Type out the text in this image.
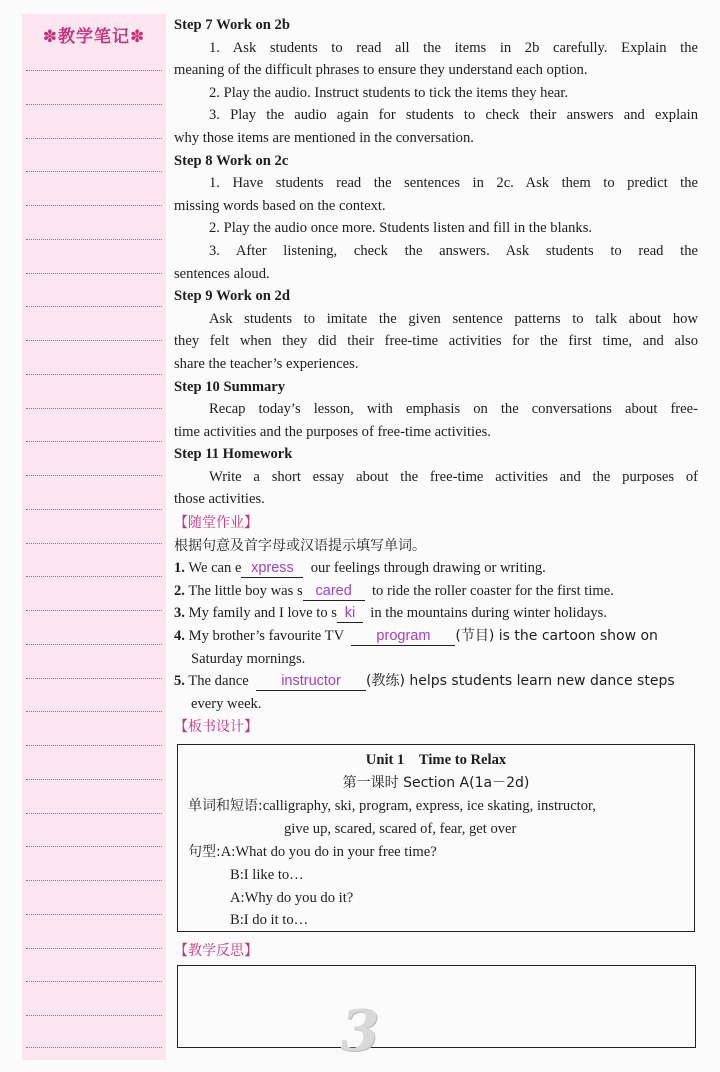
✽教学笔记✽
Step 7 Work on 2b
1. Ask students to read all the items in 2b carefully. Explain the
meaning of the difficult phrases to ensure they understand each option.
2. Play the audio. Instruct students to tick the items they hear.
3. Play the audio again for students to check their answers and explain
why those items are mentioned in the conversation.
Step 8 Work on 2c
1. Have students read the sentences in 2c. Ask them to predict the
missing words based on the context.
2. Play the audio once more. Students listen and fill in the blanks.
3. After listening, check the answers. Ask students to read the
sentences aloud.
Step 9 Work on 2d
Ask students to imitate the given sentence patterns to talk about how
they felt when they did their free-time activities for the first time, and also
share the teacher’s experiences.
Step 10 Summary
Recap today’s lesson, with emphasis on the conversations about free-
time activities and the purposes of free-time activities.
Step 11 Homework
Write a short essay about the free-time activities and the purposes of
those activities.
【随堂作业】
根据句意及首字母或汉语提示填写单词。
1. We can e xpress our feelings through drawing or writing.
2. The little boy was s cared to ride the roller coaster for the first time.
3. My family and I love to s ki in the mountains during winter holidays.
4. My brother’s favourite TV program (节目) is the cartoon show on
Saturday mornings.
5. The dance instructor (教练) helps students learn new dance steps
every week.
【板书设计】
Unit 1 Time to Relax
第一课时 Section A(1a－2d)
单词和短语:calligraphy, ski, program, express, ice skating, instructor,
give up, scared, scared of, fear, get over
句型:A:What do you do in your free time?
B:I like to…
A:Why do you do it?
B:I do it to…
【教学反思】
3
